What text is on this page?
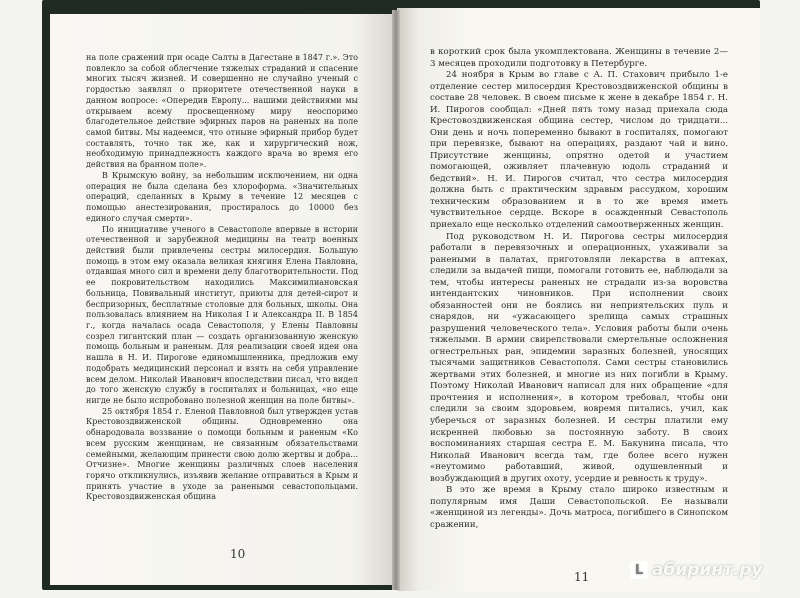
на поле сражений при осаде Салты в Дагестане в 1847 г.». Это повлекло за собой облегчение тяжелых страданий и спасение многих тысяч жизней. И совершенно не случайно ученый с гордостью заявлял о приоритете отечественной науки в данном вопросе: «Опередив Европу... нашими действиями мы открываем всему просвещенному миру неоспоримо благодетельное действие эфирных паров на раненых на поле самой битвы. Мы надеемся, что отныне эфирный прибор будет составлять, точно так же, как и хирургический нож, необходимую принадлежность каждого врача во время его действия на бранном поле».

В Крымскую войну, за небольшим исключением, ни одна операция не была сделана без хлороформа. «Значительных операций, сделанных в Крыму в течение 12 месяцев с помощью анестезирования, простиралось до 10000 без единого случая смерти».

По инициативе ученого в Севастополе впервые в истории отечественной и зарубежной медицины на театр военных действий были привлечены сестры милосердия. Большую помощь в этом ему оказала великая княгиня Елена Павловна, отдавшая много сил и времени делу благотворительности. Под ее покровительством находились Максимилиановская больница, Повивальный институт, приюты для детей-сирот и беспризорных, бесплатные столовые для больных, школы. Она пользовалась влиянием на Николая I и Александра II. В 1854 г., когда началась осада Севастополя, у Елены Павловны созрел гигантский план — создать организованную женскую помощь больным и раненым. Для реализации своей идеи она нашла в Н. И. Пирогове единомышленника, предложив ему подобрать медицинский персонал и взять на себя управление всем делом. Николай Иванович впоследствии писал, что видел до того женскую службу в госпиталях и больницах, «но еще нигде не было испробовано полезной женщин на поле битвы».

25 октября 1854 г. Еленой Павловной был утвержден устав Крестовоздвиженской общины. Одновременно она обнародовала воззвание о помощи больным и раненым «Ко всем русским женщинам, не связанным обязательствами семейными, желающим принести свою долю жертвы и добра... Отчизне». Многие женщины различных слоев населения горячо откликнулись, изъявив желание отправиться в Крым и принять участие в уходе за ранеными севастопольцами. Крестовоздвиженская община

10

в короткий срок была укомплектована. Женщины в течение 2—3 месяцев проходили подготовку в Петербурге.

24 ноября в Крым во главе с А. П. Стахович прибыло 1-е отделение сестер милосердия Крестовоздвиженской общины в составе 28 человек. В своем письме к жене в декабре 1854 г. Н. И. Пирогов сообщал: «Дней пять тому назад приехала сюда Крестовоздвиженская община сестер, числом до тридцати... Они день и ночь попеременно бывают в госпиталях, помогают при перевязке, бывают на операциях, раздают чай и вино. Присутствие женщины, опрятно одетой и участием помогающей, оживляет плачевную юдоль страданий и бедствий». Н. И. Пирогов считал, что сестра милосердия должна быть с практическим здравым рассудком, хорошим техническим образованием и в то же время иметь чувствительное сердце. Вскоре в осажденный Севастополь приехало еще несколько отделений самоотверженных женщин.

Под руководством Н. И. Пирогова сестры милосердия работали в перевязочных и операционных, ухаживали за ранеными в палатах, приготовляли лекарства в аптеках, следили за выдачей пищи, помогали готовить ее, наблюдали за тем, чтобы интересы раненых не страдали из-за воровства интендантских чиновников. При исполнении своих обязанностей они не боялись ни неприятельских пуль и снарядов, ни «ужасающего зрелища самых страшных разрушений человеческого тела». Условия работы были очень тяжелыми. В армии свирепствовали смертельные осложнения огнестрельных ран, эпидемии заразных болезней, уносящих тысячами защитников Севастополя. Сами сестры становились жертвами этих болезней, и многие из них погибли в Крыму. Поэтому Николай Иванович написал для них обращение «для прочтения и исполнения», в котором требовал, чтобы они следили за своим здоровьем, вовремя питались, учил, как уберечься от заразных болезней. И сестры платили ему искренней любовью за постоянную заботу. В своих воспоминаниях старшая сестра Е. М. Бакунина писала, что Николай Иванович всегда там, где более всего нужен «неутомимо работавший, живой, одушевленный и возбуждающий в других охоту, усердие и ревность к труду».

В это же время в Крыму стало широко известным и популярным имя Даши Севастопольской. Ее называли «женщиной из легенды». Дочь матроса, погибшего в Синопском сражении,

11	L абиринт.ру
